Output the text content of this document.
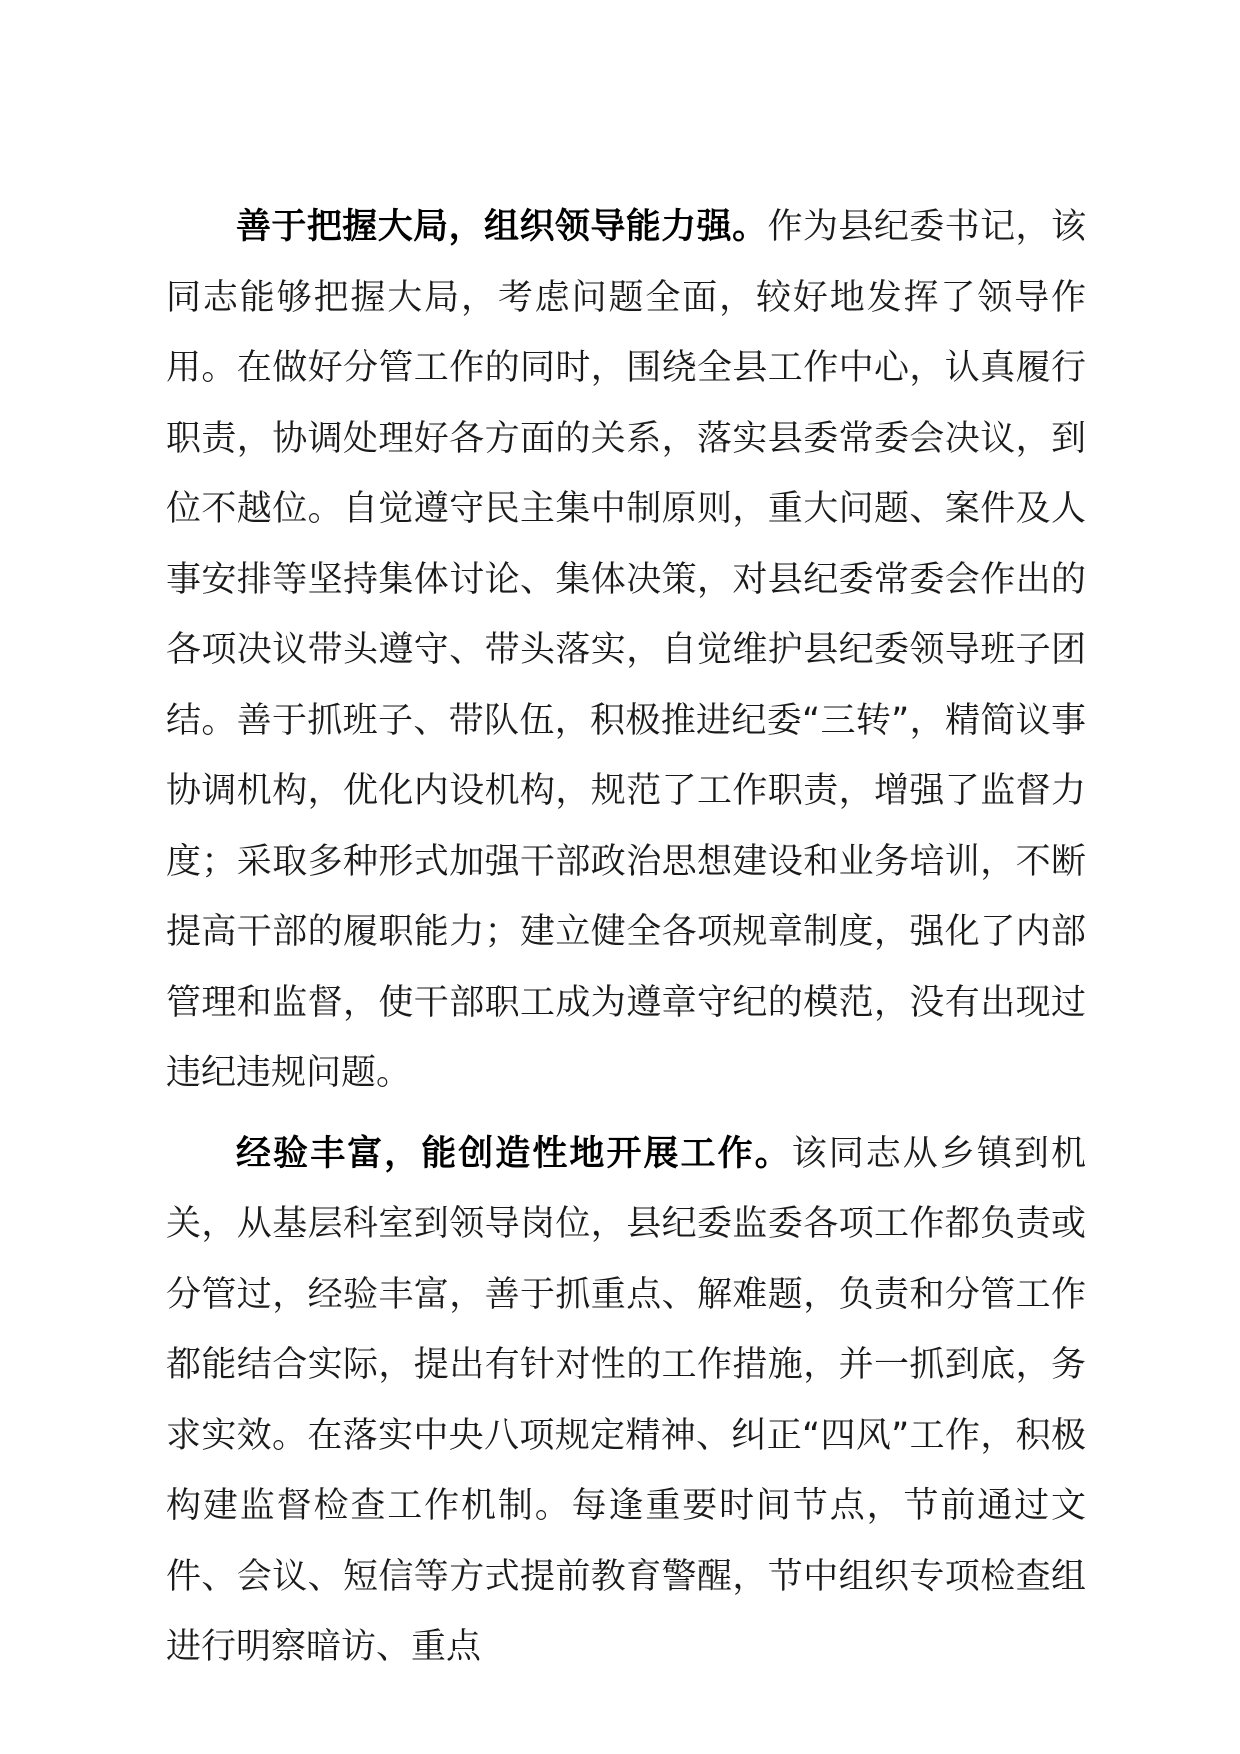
善于把握大局，组织领导能力强。作为县纪委书记，该同志能够把握大局，考虑问题全面，较好地发挥了领导作用。在做好分管工作的同时，围绕全县工作中心，认真履行职责，协调处理好各方面的关系，落实县委常委会决议，到位不越位。自觉遵守民主集中制原则，重大问题、案件及人事安排等坚持集体讨论、集体决策，对县纪委常委会作出的各项决议带头遵守、带头落实，自觉维护县纪委领导班子团结。善于抓班子、带队伍，积极推进纪委“三转”，精简议事协调机构，优化内设机构，规范了工作职责，增强了监督力度；采取多种形式加强干部政治思想建设和业务培训，不断提高干部的履职能力；建立健全各项规章制度，强化了内部管理和监督，使干部职工成为遵章守纪的模范，没有出现过违纪违规问题。

经验丰富，能创造性地开展工作。该同志从乡镇到机关，从基层科室到领导岗位，县纪委监委各项工作都负责或分管过，经验丰富，善于抓重点、解难题，负责和分管工作都能结合实际，提出有针对性的工作措施，并一抓到底，务求实效。在落实中央八项规定精神、纠正“四风”工作，积极构建监督检查工作机制。每逢重要时间节点，节前通过文件、会议、短信等方式提前教育警醒，节中组织专项检查组进行明察暗访、重点
